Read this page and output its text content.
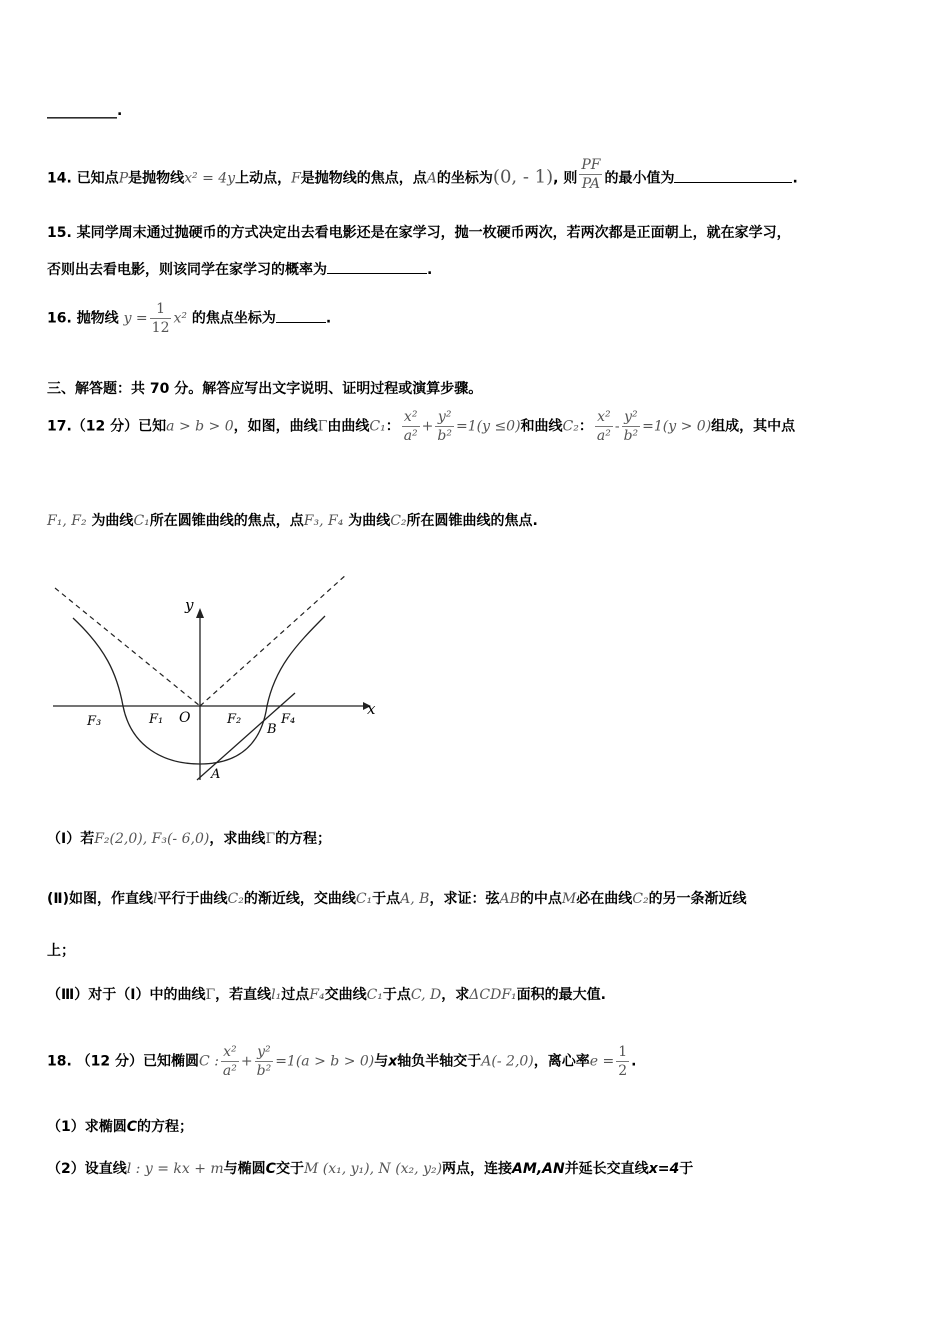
__________.
14. 已知点P是抛物线x² = 4y上动点，F是抛物线的焦点，点A的坐标为(0, - 1), 则 $\frac{PF}{PA}$ 的最小值为	.
15. 某同学周末通过抛硬币的方式决定出去看电影还是在家学习，抛一枚硬币两次，若两次都是正面朝上，就在家学习，
否则出去看电影，则该同学在家学习的概率为	.
16. 抛物线 $y = \frac{1}{12} x^2$ 的焦点坐标为	.
三、解答题：共 70 分。解答应写出文字说明、证明过程或演算步骤。
17.（12 分）已知a > b > 0，如图，曲线Γ由曲线C₁： $\frac{\text{x²}}{\text{a²}} + \frac{\text{y²}}{\text{b²}} =1(y \le 0)$和曲线C₂： $\frac{\text{x²}}{\text{a²}} - \frac{\text{y²}}{\text{b²}} =1(y > 0)$组成，其中点
F₁, F₂ 为曲线C₁所在圆锥曲线的焦点，点F₃, F₄ 为曲线C₂所在圆锥曲线的焦点.
y
x
O
F₃	F₁	F₂	F₄
B
A
（Ⅰ）若F₂(2,0), F₃(- 6,0)，求曲线Γ的方程；
(Ⅱ)如图，作直线l平行于曲线C₂的渐近线，交曲线C₁于点A, B，求证：弦AB的中点M必在曲线C₂的另一条渐近线
上；
（Ⅲ）对于（Ⅰ）中的曲线Γ，若直线l₁过点F₄交曲线C₁于点C, D，求ΔCDF₁面积的最大值.
18. （12 分）已知椭圆C : $\frac{\text{x²}}{\text{a²}} + \frac{\text{y²}}{\text{b²}} =1(a > b > 0)$与x轴负半轴交于A(- 2,0)，离心率$e = \frac{1}{2}$ .
（1）求椭圆C的方程；
（2）设直线l : y = kx + m与椭圆C交于M (x₁, y₁), N (x₂, y₂)两点，连接AM,AN并延长交直线x=4于
